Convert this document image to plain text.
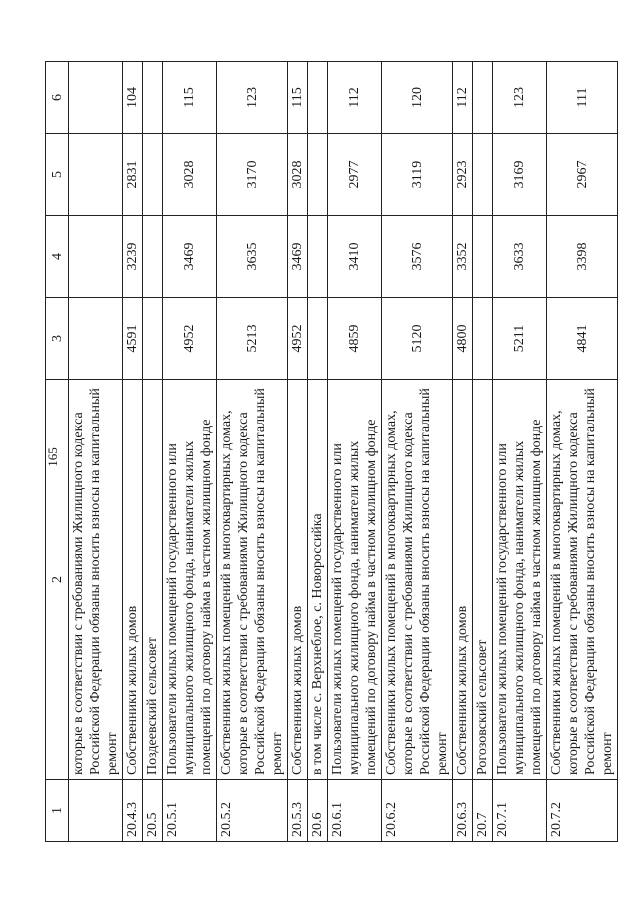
165
1	2	3	4	5	6
	которые в соответствии с требованиями Жилищного кодекса Российской Федерации обязаны вносить взносы на капитальный ремонт				
20.4.3	Собственники жилых домов	4591	3239	2831	104
20.5	Поздеевский сельсовет				
20.5.1	Пользователи жилых помещений государственного или муниципального жилищного фонда, наниматели жилых помещений по договору найма в частном жилищном фонде	4952	3469	3028	115
20.5.2	Собственники жилых помещений в многоквартирных домах, которые в соответствии с требованиями Жилищного кодекса Российской Федерации обязаны вносить взносы на капитальный ремонт	5213	3635	3170	123
20.5.3	Собственники жилых домов	4952	3469	3028	115
20.6	в том числе с. Верхнеблое, с. Новороссийка				
20.6.1	Пользователи жилых помещений государственного или муниципального жилищного фонда, наниматели жилых помещений по договору найма в частном жилищном фонде	4859	3410	2977	112
20.6.2	Собственники жилых помещений в многоквартирных домах, которые в соответствии с требованиями Жилищного кодекса Российской Федерации обязаны вносить взносы на капитальный ремонт	5120	3576	3119	120
20.6.3	Собственники жилых домов	4800	3352	2923	112
20.7	Рогозовский сельсовет				
20.7.1	Пользователи жилых помещений государственного или муниципального жилищного фонда, наниматели жилых помещений по договору найма в частном жилищном фонде	5211	3633	3169	123
20.7.2	Собственники жилых помещений в многоквартирных домах, которые в соответствии с требованиями Жилищного кодекса Российской Федерации обязаны вносить взносы на капитальный ремонт	4841	3398	2967	111
